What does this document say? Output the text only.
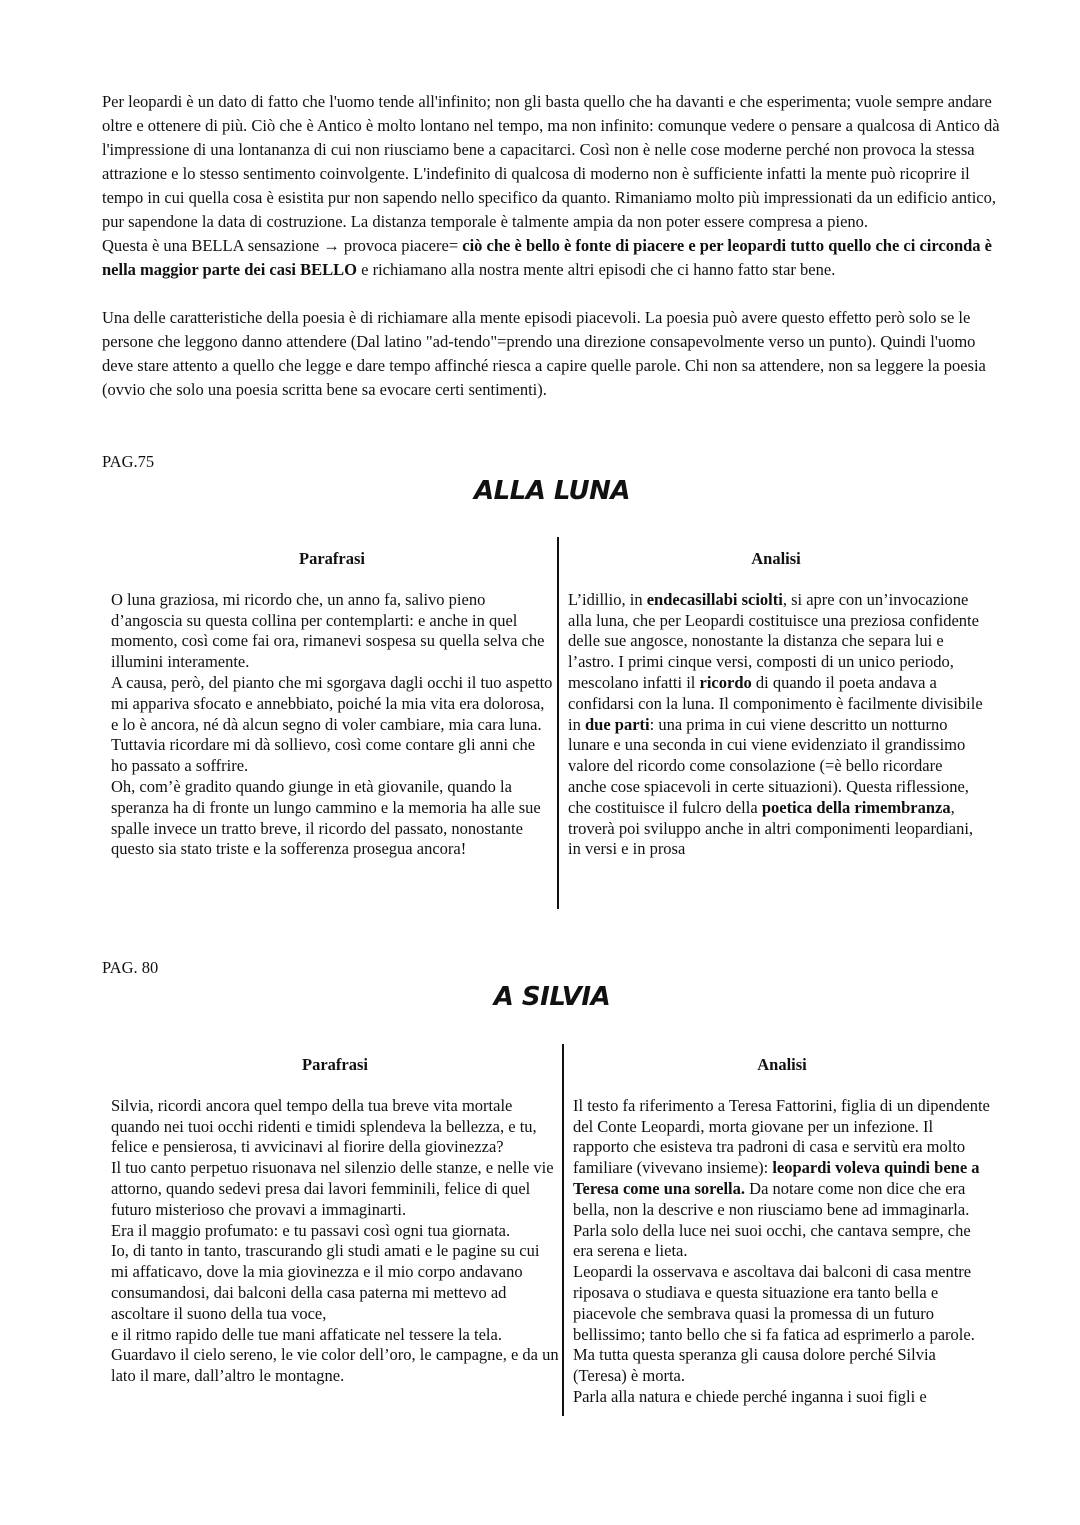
Per leopardi è un dato di fatto che l'uomo tende all'infinito; non gli basta quello che ha davanti e che esperimenta; vuole sempre andare oltre e ottenere di più. Ciò che è Antico è molto lontano nel tempo, ma non infinito: comunque vedere o pensare a qualcosa di Antico dà l'impressione di una lontananza di cui non riusciamo bene a capacitarci. Così non è nelle cose moderne perché non provoca la stessa attrazione e lo stesso sentimento coinvolgente. L'indefinito di qualcosa di moderno non è sufficiente infatti la mente può ricoprire il tempo in cui quella cosa è esistita pur non sapendo nello specifico da quanto. Rimaniamo molto più impressionati da un edificio antico, pur sapendone la data di costruzione. La distanza temporale è talmente ampia da non poter essere compresa a pieno.

Questa è una BELLA sensazione → provoca piacere= ciò che è bello è fonte di piacere e per leopardi tutto quello che ci circonda è nella maggior parte dei casi BELLO e richiamano alla nostra mente altri episodi che ci hanno fatto star bene.

Una delle caratteristiche della poesia è di richiamare alla mente episodi piacevoli. La poesia può avere questo effetto però solo se le persone che leggono danno attendere (Dal latino "ad-tendo"=prendo una direzione consapevolmente verso un punto). Quindi l'uomo deve stare attento a quello che legge e dare tempo affinché riesca a capire quelle parole. Chi non sa attendere, non sa leggere la poesia (ovvio che solo una poesia scritta bene sa evocare certi sentimenti).

PAG.75
ALLA LUNA
Parafrasi

O luna graziosa, mi ricordo che, un anno fa, salivo pieno d’angoscia su questa collina per contemplarti: e anche in quel momento, così come fai ora, rimanevi sospesa su quella selva che illumini interamente.

A causa, però, del pianto che mi sgorgava dagli occhi il tuo aspetto mi appariva sfocato e annebbiato, poiché la mia vita era dolorosa, e lo è ancora, né dà alcun segno di voler cambiare, mia cara luna.

Tuttavia ricordare mi dà sollievo, così come contare gli anni che ho passato a soffrire.

Oh, com’è gradito quando giunge in età giovanile, quando la speranza ha di fronte un lungo cammino e la memoria ha alle sue spalle invece un tratto breve, il ricordo del passato, nonostante questo sia stato triste e la sofferenza prosegua ancora!

Analisi

L’idillio, in endecasillabi sciolti, si apre con un’invocazione alla luna, che per Leopardi costituisce una preziosa confidente delle sue angosce, nonostante la distanza che separa lui e l’astro. I primi cinque versi, composti di un unico periodo, mescolano infatti il ricordo di quando il poeta andava a confidarsi con la luna. Il componimento è facilmente divisibile in due parti: una prima in cui viene descritto un notturno lunare e una seconda in cui viene evidenziato il grandissimo valore del ricordo come consolazione (=è bello ricordare anche cose spiacevoli in certe situazioni). Questa riflessione, che costituisce il fulcro della poetica della rimembranza, troverà poi sviluppo anche in altri componimenti leopardiani, in versi e in prosa

PAG. 80
A SILVIA
Parafrasi

Silvia, ricordi ancora quel tempo della tua breve vita mortale quando nei tuoi occhi ridenti e timidi splendeva la bellezza, e tu, felice e pensierosa, ti avvicinavi al fiorire della giovinezza?

Il tuo canto perpetuo risuonava nel silenzio delle stanze, e nelle vie attorno, quando sedevi presa dai lavori femminili, felice di quel futuro misterioso che provavi a immaginarti.

Era il maggio profumato: e tu passavi così ogni tua giornata.

Io, di tanto in tanto, trascurando gli studi amati e le pagine su cui mi affaticavo, dove la mia giovinezza e il mio corpo andavano consumandosi, dai balconi della casa paterna mi mettevo ad ascoltare il suono della tua voce,

e il ritmo rapido delle tue mani affaticate nel tessere la tela.

Guardavo il cielo sereno, le vie color dell’oro, le campagne, e da un lato il mare, dall’altro le montagne.

Analisi

Il testo fa riferimento a Teresa Fattorini, figlia di un dipendente del Conte Leopardi, morta giovane per un infezione. Il rapporto che esisteva tra padroni di casa e servitù era molto familiare (vivevano insieme): leopardi voleva quindi bene a Teresa come una sorella. Da notare come non dice che era bella, non la descrive e non riusciamo bene ad immaginarla. Parla solo della luce nei suoi occhi, che cantava sempre, che era serena e lieta.

Leopardi la osservava e ascoltava dai balconi di casa mentre riposava o studiava e questa situazione era tanto bella e piacevole che sembrava quasi la promessa di un futuro bellissimo; tanto bello che si fa fatica ad esprimerlo a parole. Ma tutta questa speranza gli causa dolore perché Silvia (Teresa) è morta.

Parla alla natura e chiede perché inganna i suoi figli e
